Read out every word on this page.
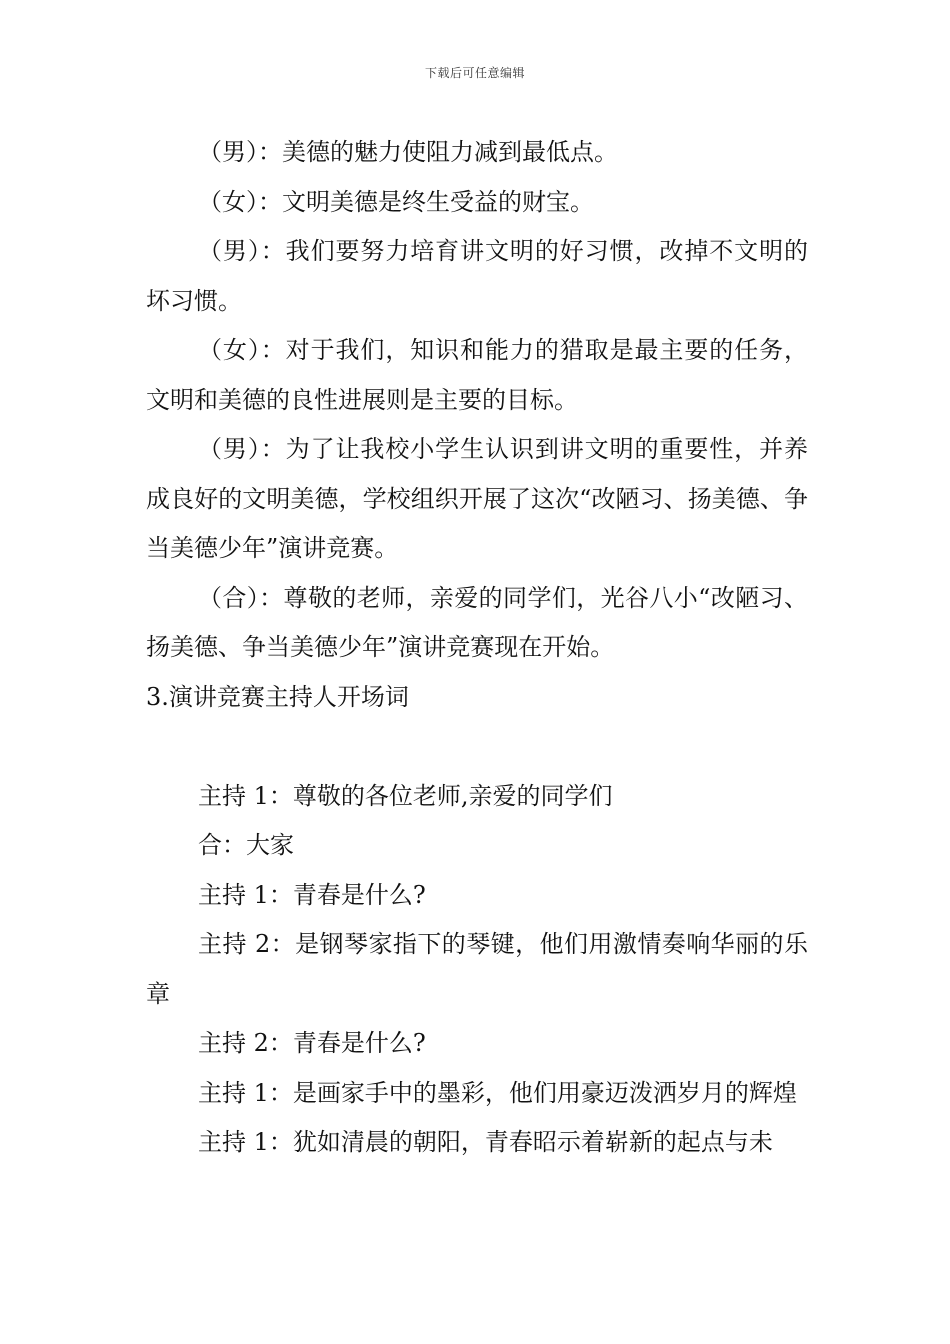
下载后可任意编辑

（男）：美德的魅力使阻力减到最低点。

（女）：文明美德是终生受益的财宝。

（男）：我们要努力培育讲文明的好习惯，改掉不文明的坏习惯。

（女）：对于我们，知识和能力的猎取是最主要的任务，文明和美德的良性进展则是主要的目标。

（男）：为了让我校小学生认识到讲文明的重要性，并养成良好的文明美德，学校组织开展了这次“改陋习、扬美德、争当美德少年”演讲竞赛。

（合）：尊敬的老师，亲爱的同学们，光谷八小“改陋习、扬美德、争当美德少年”演讲竞赛现在开始。

3.演讲竞赛主持人开场词

主持 1：尊敬的各位老师,亲爱的同学们

合：大家

主持 1：青春是什么?

主持 2：是钢琴家指下的琴键，他们用激情奏响华丽的乐章

主持 2：青春是什么?

主持 1：是画家手中的墨彩，他们用豪迈泼洒岁月的辉煌

主持 1：犹如清晨的朝阳，青春昭示着崭新的起点与未
